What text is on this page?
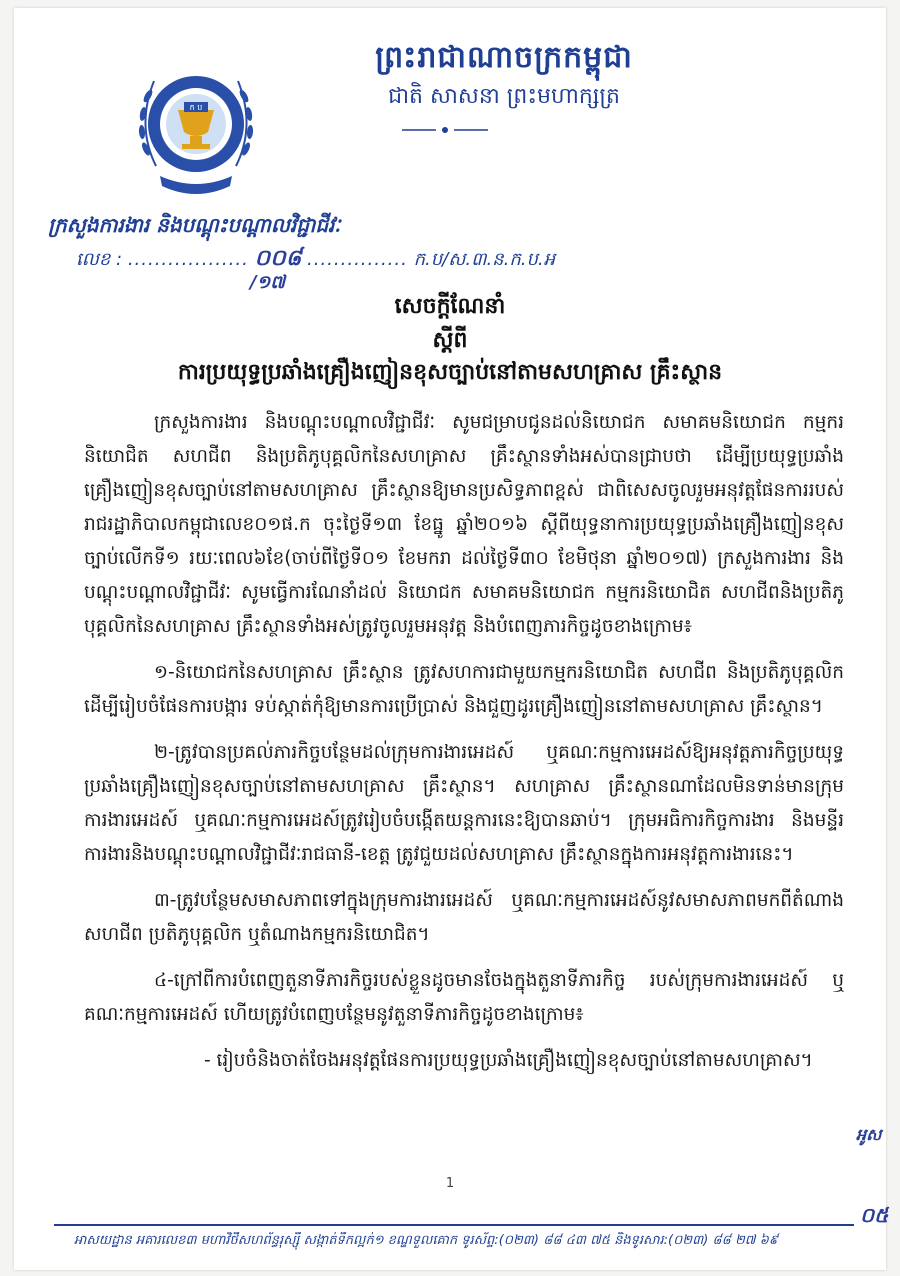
ក ប
ព្រះរាជាណាចក្រកម្ពុជា
ជាតិ សាសនា ព្រះមហាក្សត្រ
ក្រសួងការងារ និងបណ្តុះបណ្តាលវិជ្ជាជីវៈ
លេខ : .................. ០០៨ ............... ក.ប/ស.៣.ន.ក.ប.អ
/១៧
សេចក្តីណែនាំ
ស្តីពី
ការប្រយុទ្ធប្រឆាំងគ្រឿងញៀនខុសច្បាប់នៅតាមសហគ្រាស គ្រឹះស្ថាន

ក្រសួងការងារ និងបណ្តុះបណ្តាលវិជ្ជាជីវៈ សូមជម្រាបជូនដល់និយោជក សមាគមនិយោជក កម្មករនិយោជិត សហជីព និងប្រតិភូបុគ្គលិកនៃសហគ្រាស គ្រឹះស្ថានទាំងអស់បានជ្រាបថា ដើម្បីប្រយុទ្ធប្រឆាំងគ្រឿងញៀនខុសច្បាប់នៅតាមសហគ្រាស គ្រឹះស្ថានឱ្យមានប្រសិទ្ធភាពខ្ពស់ ជាពិសេសចូលរួមអនុវត្តផែនការរបស់រាជរដ្ឋាភិបាលកម្ពុជាលេខ០១ផ.ក ចុះថ្ងៃទី១៣ ខែធ្នូ ឆ្នាំ២០១៦ ស្តីពីយុទ្ធនាការប្រយុទ្ធប្រឆាំងគ្រឿងញៀនខុសច្បាប់លើកទី១ រយៈពេល៦ខែ(ចាប់ពីថ្ងៃទី០១ ខែមករា ដល់ថ្ងៃទី៣០ ខែមិថុនា ឆ្នាំ២០១៧) ក្រសួងការងារ និងបណ្តុះបណ្តាលវិជ្ជាជីវៈ សូមធ្វើការណែនាំដល់ និយោជក សមាគមនិយោជក កម្មករនិយោជិត សហជីពនិងប្រតិភូបុគ្គលិកនៃសហគ្រាស គ្រឹះស្ថានទាំងអស់ត្រូវចូលរួមអនុវត្ត និងបំពេញភារកិច្ចដូចខាងក្រោម៖

១-និយោជកនៃសហគ្រាស គ្រឹះស្ថាន ត្រូវសហការជាមួយកម្មករនិយោជិត សហជីព និងប្រតិភូបុគ្គលិក ដើម្បីរៀបចំផែនការបង្ការ ទប់ស្កាត់កុំឱ្យមានការប្រើប្រាស់ និងជួញដូរគ្រឿងញៀននៅតាមសហគ្រាស គ្រឹះស្ថាន។

២-ត្រូវបានប្រគល់ភារកិច្ចបន្ថែមដល់ក្រុមការងារអេដស៍ ឬគណៈកម្មការអេដស៍ឱ្យអនុវត្តភារកិច្ចប្រយុទ្ធប្រឆាំងគ្រឿងញៀនខុសច្បាប់នៅតាមសហគ្រាស គ្រឹះស្ថាន។ សហគ្រាស គ្រឹះស្ថានណាដែលមិនទាន់មានក្រុមការងារអេដស៍ ឬគណៈកម្មការអេដស៍ត្រូវរៀបចំបង្កើតយន្តការនេះឱ្យបានឆាប់។ ក្រុមអធិការកិច្ចការងារ និងមន្ទីរការងារនិងបណ្តុះបណ្តាលវិជ្ជាជីវៈរាជធានី-ខេត្ត ត្រូវជួយដល់សហគ្រាស គ្រឹះស្ថានក្នុងការអនុវត្តការងារនេះ។

៣-ត្រូវបន្ថែមសមាសភាពទៅក្នុងក្រុមការងារអេដស៍ ឬគណៈកម្មការអេដស៍នូវសមាសភាពមកពីតំណាងសហជីព ប្រតិភូបុគ្គលិក ឬតំណាងកម្មករនិយោជិត។

៤-ក្រៅពីការបំពេញតួនាទីភារកិច្ចរបស់ខ្លួនដូចមានចែងក្នុងតួនាទីភារកិច្ច របស់ក្រុមការងារអេដស៍ ឬគណៈកម្មការអេដស៍ ហើយត្រូវបំពេញបន្ថែមនូវតួនាទីភារកិច្ចដូចខាងក្រោម៖

- រៀបចំនិងចាត់ចែងអនុវត្តផែនការប្រយុទ្ធប្រឆាំងគ្រឿងញៀនខុសច្បាប់នៅតាមសហគ្រាស។

អូស
1
០៥
អាសយដ្ឋាន អគារលេខ៣ មហាវិថីសហព័ន្ធរុស្ស៊ី សង្កាត់ទឹកល្អក់១ ខណ្ឌទួលគោក ទូរស័ព្ទ:(០២៣) ៨៨ ៤៣ ៧៥ និងទូរសារ:(០២៣) ៨៨ ២៧ ៦៩
